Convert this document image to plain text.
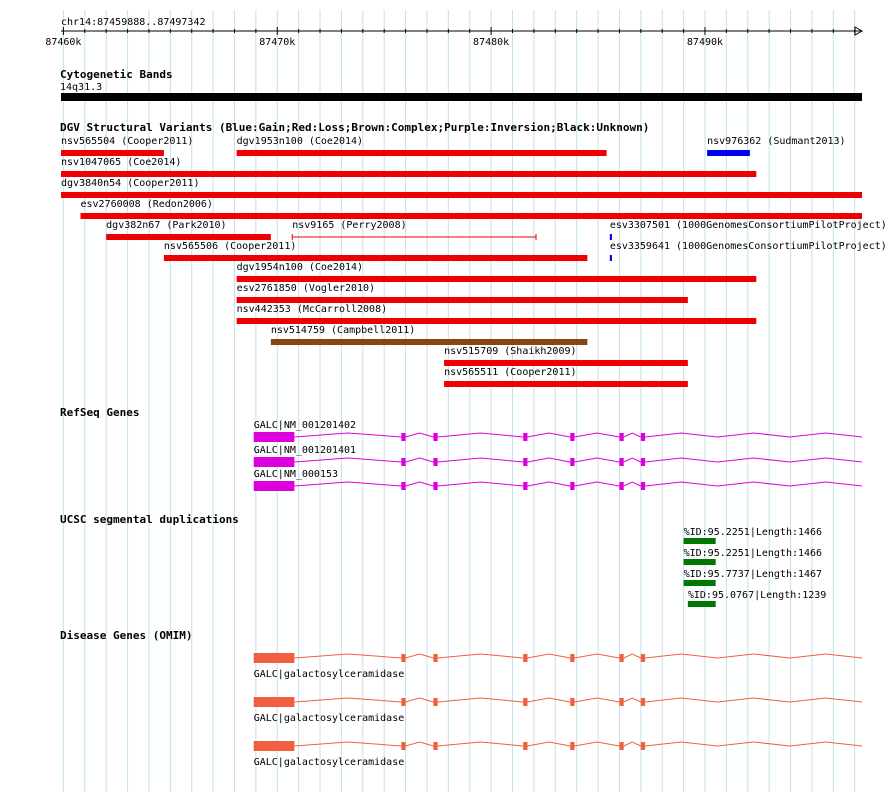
chr14:87459888..87497342
87460k	87470k	87480k	87490k
Cytogenetic Bands
14q31.3
DGV Structural Variants (Blue:Gain;Red:Loss;Brown:Complex;Purple:Inversion;Black:Unknown)
RefSeq Genes
UCSC segmental duplications
Disease Genes (OMIM)
nsv565504 (Cooper2011)	dgv1953n100 (Coe2014)	nsv976362 (Sudmant2013)
nsv1047065 (Coe2014)
dgv3840n54 (Cooper2011)
esv2760008 (Redon2006)
dgv382n67 (Park2010)	nsv9165 (Perry2008)	esv3307501 (1000GenomesConsortiumPilotProject)
nsv565506 (Cooper2011)	esv3359641 (1000GenomesConsortiumPilotProject)
dgv1954n100 (Coe2014)
esv2761850 (Vogler2010)
nsv442353 (McCarroll2008)
nsv514759 (Campbell2011)
nsv515709 (Shaikh2009)
nsv565511 (Cooper2011)
GALC|NM_001201402
GALC|NM_001201401
GALC|NM_000153
%ID:95.2251|Length:1466
%ID:95.2251|Length:1466
%ID:95.7737|Length:1467
%ID:95.0767|Length:1239
GALC|galactosylceramidase
GALC|galactosylceramidase
GALC|galactosylceramidase
